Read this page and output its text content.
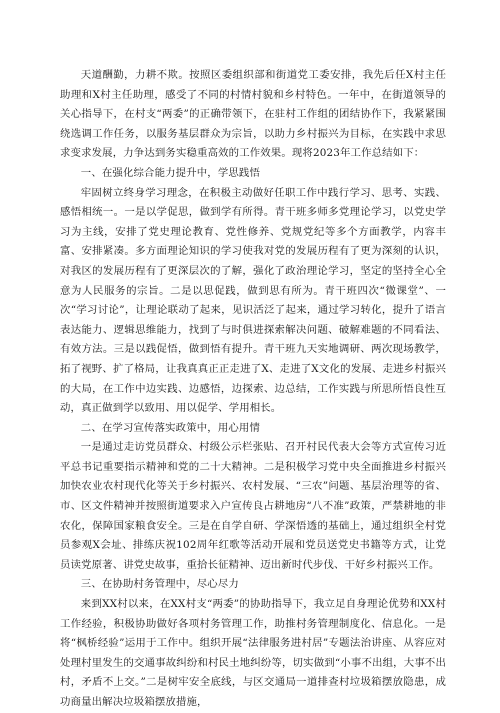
天道酬勤，力耕不欺。按照区委组织部和街道党工委安排，我先后任X村主任助理和X村主任助理，感受了不同的村情村貌和乡村特色。一年中，在街道领导的关心指导下，在村支“两委”的正确带领下，在驻村工作组的团结协作下，我紧紧围绕选调工作任务，以服务基层群众为宗旨，以助力乡村振兴为目标，在实践中求思求变求发展，力争达到务实稳重高效的工作效果。现将2023年工作总结如下：

一、在强化综合能力提升中，学思践悟

牢固树立终身学习理念，在积极主动做好任职工作中践行学习、思考、实践、感悟相统一。一是以学促思，做到学有所得。青干班多师多党理论学习，以党史学习为主线，安排了党史理论教育、党性修养、党规党纪等多个方面教学，内容丰富、安排紧凑。多方面理论知识的学习使我对党的发展历程有了更为深刻的认识，对我区的发展历程有了更深层次的了解，强化了政治理论学习，坚定的坚持全心全意为人民服务的宗旨。二是以思促践，做到思有所为。青干班四次“微课堂”、一次“学习讨论”，让理论联动了起来，见识活泛了起来，通过学习转化，提升了语言表达能力、逻辑思维能力，找到了与时俱进探索解决问题、破解难题的不同看法、有效方法。三是以践促悟，做到悟有提升。青干班九天实地调研、两次现场教学，拓了视野、扩了格局，让我真真正正走进了X、走进了X文化的发展、走进乡村振兴的大局，在工作中边实践、边感悟，边探索、边总结，工作实践与所思所悟良性互动，真正做到学以致用、用以促学、学用相长。

二、在学习宣传落实政策中，用心用情

一是通过走访党员群众、村级公示栏张贴、召开村民代表大会等方式宣传习近平总书记重要指示精神和党的二十大精神。二是积极学习党中央全面推进乡村振兴加快农业农村现代化等关于乡村振兴、农村发展、“三农”问题、基层治理等的省、市、区文件精神并按照街道要求入户宣传良占耕地房“八不准”政策，严禁耕地的非农化，保障国家粮食安全。三是在自学自研、学深悟透的基础上，通过组织全村党员参观X会址、排练庆祝102周年红歌等活动开展和党员送党史书籍等方式，让党员读党原著、讲党史故事，重拾长征精神、迈出新时代步伐、干好乡村振兴工作。

三、在协助村务管理中，尽心尽力

来到XX村以来，在XX村支“两委”的协助指导下，我立足自身理论优势和XX村工作经验，积极协助做好各项村务管理工作，助推村务管理制度化、信息化。一是将“枫桥经验”运用于工作中。组织开展“法律服务进村居”专题法治讲座、从容应对处理村里发生的交通事故纠纷和村民土地纠纷等，切实做到“小事不出组，大事不出村，矛盾不上交。”二是树牢安全底线，与区交通局一道排查村垃圾箱摆放隐患，成功商量出解决垃圾箱摆放措施，
